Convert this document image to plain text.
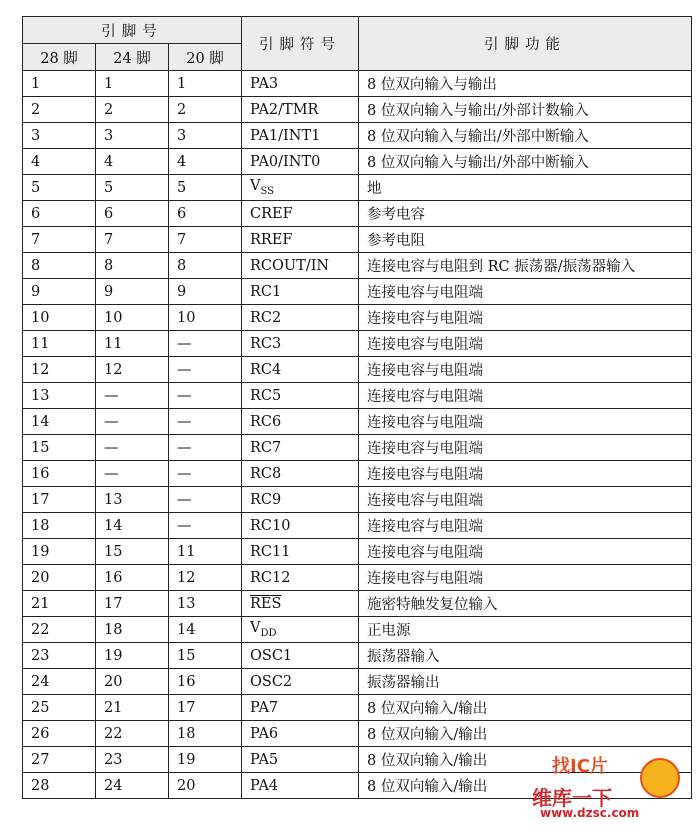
引脚号			引脚符号	引脚功能
28 脚	24 脚	20 脚		
1	1	1	PA3	8 位双向输入与输出
2	2	2	PA2/TMR	8 位双向输入与输出/外部计数输入
3	3	3	PA1/INT1	8 位双向输入与输出/外部中断输入
4	4	4	PA0/INT0	8 位双向输入与输出/外部中断输入
5	5	5	$V_{SS}$	地
6	6	6	CREF	参考电容
7	7	7	RREF	参考电阻
8	8	8	RCOUT/IN	连接电容与电阻到 RC 振荡器/振荡器输入
9	9	9	RC1	连接电容与电阻端
10	10	10	RC2	连接电容与电阻端
11	11	—	RC3	连接电容与电阻端
12	12	—	RC4	连接电容与电阻端
13	—	—	RC5	连接电容与电阻端
14	—	—	RC6	连接电容与电阻端
15	—	—	RC7	连接电容与电阻端
16	—	—	RC8	连接电容与电阻端
17	13	—	RC9	连接电容与电阻端
18	14	—	RC10	连接电容与电阻端
19	15	11	RC11	连接电容与电阻端
20	16	12	RC12	连接电容与电阻端
21	17	13	$\overline{RES}$	施密特触发复位输入
22	18	14	$V_{DD}$	正电源
23	19	15	OSC1	振荡器输入
24	20	16	OSC2	振荡器输出
25	21	17	PA7	8 位双向输入/输出
26	22	18	PA6	8 位双向输入/输出
27	23	19	PA5	8 位双向输入/输出
28	24	20	PA4	8 位双向输入/输出
找IC片
维库一下
www.dzsc.com
